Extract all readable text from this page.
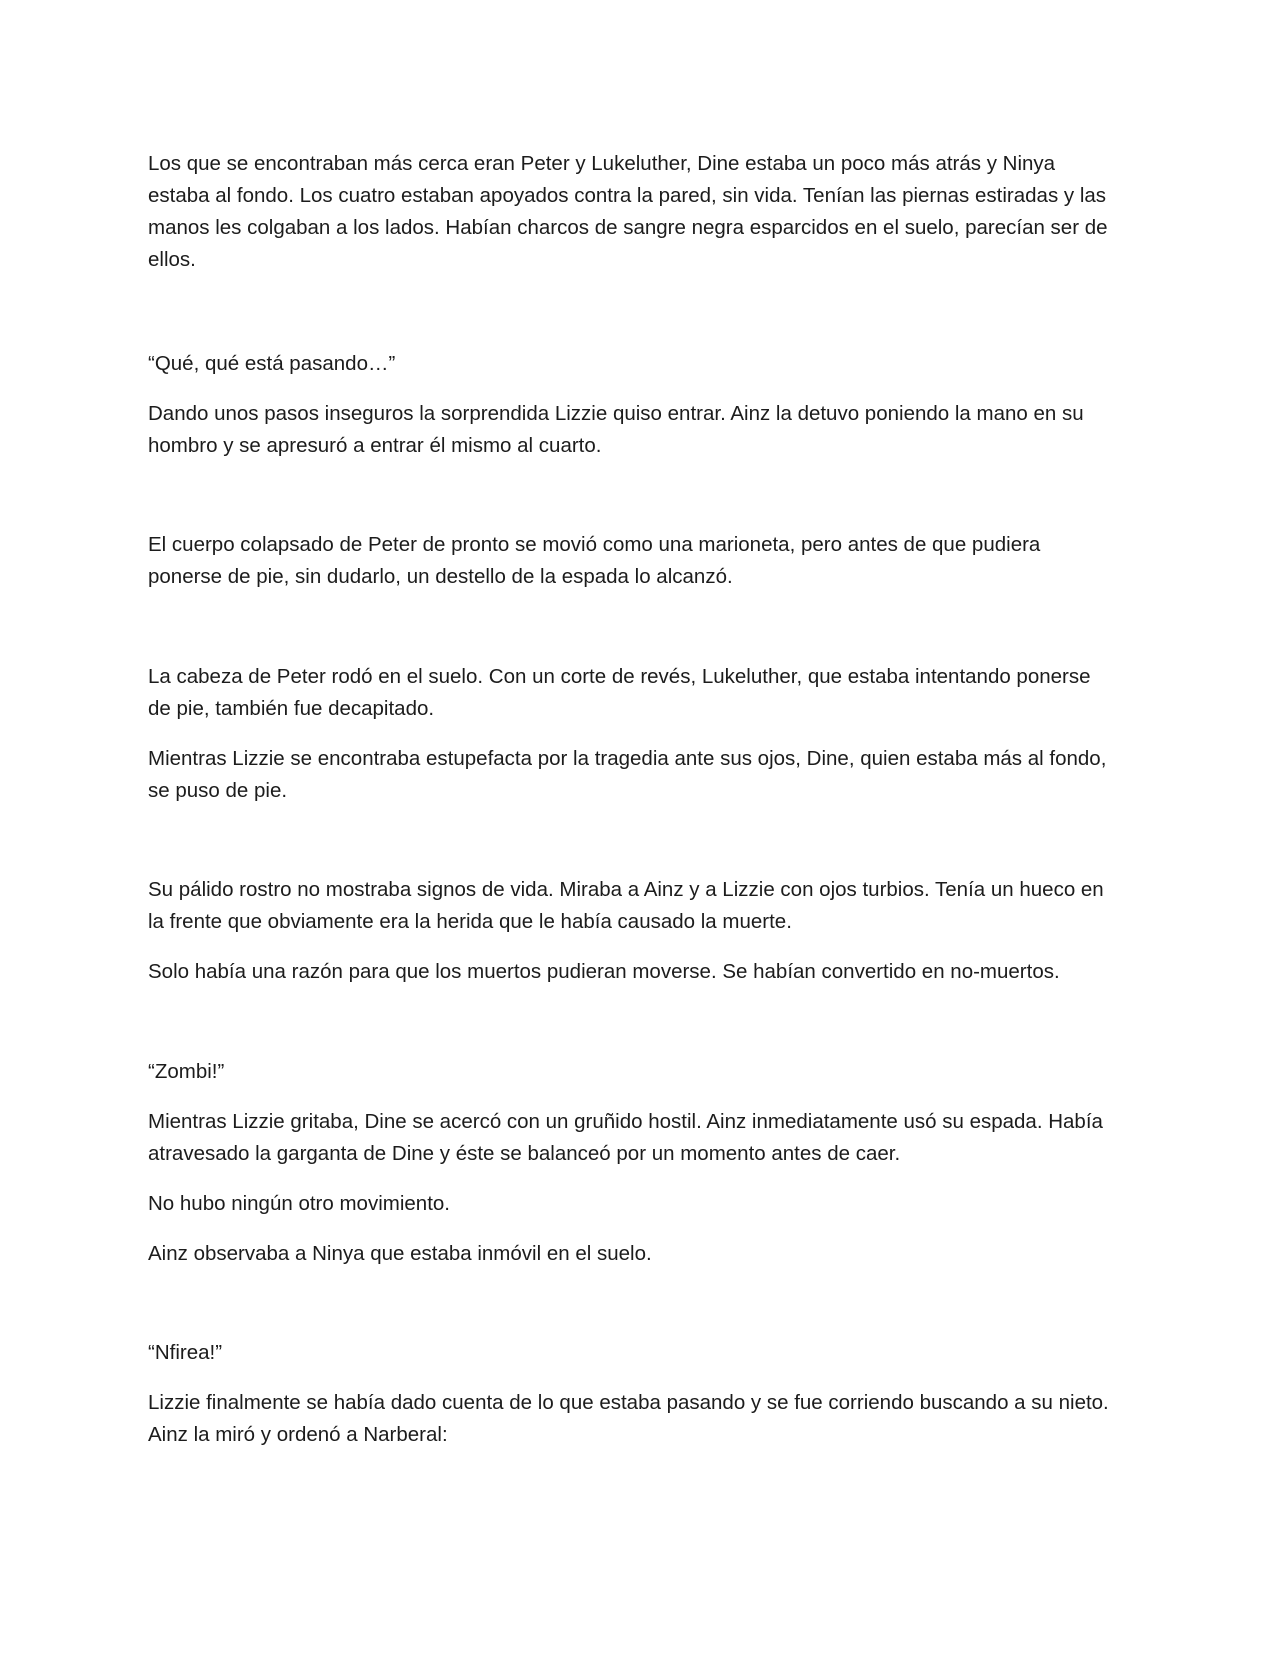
Los que se encontraban más cerca eran Peter y Lukeluther, Dine estaba un poco más atrás y Ninya
estaba al fondo. Los cuatro estaban apoyados contra la pared, sin vida. Tenían las piernas estiradas y las
manos les colgaban a los lados. Habían charcos de sangre negra esparcidos en el suelo, parecían ser de
ellos.

“Qué, qué está pasando…”

Dando unos pasos inseguros la sorprendida Lizzie quiso entrar. Ainz la detuvo poniendo la mano en su
hombro y se apresuró a entrar él mismo al cuarto.

El cuerpo colapsado de Peter de pronto se movió como una marioneta, pero antes de que pudiera
ponerse de pie, sin dudarlo, un destello de la espada lo alcanzó.

La cabeza de Peter rodó en el suelo. Con un corte de revés, Lukeluther, que estaba intentando ponerse
de pie, también fue decapitado.

Mientras Lizzie se encontraba estupefacta por la tragedia ante sus ojos, Dine, quien estaba más al fondo,
se puso de pie.

Su pálido rostro no mostraba signos de vida. Miraba a Ainz y a Lizzie con ojos turbios. Tenía un hueco en
la frente que obviamente era la herida que le había causado la muerte.

Solo había una razón para que los muertos pudieran moverse. Se habían convertido en no-muertos.

“Zombi!”

Mientras Lizzie gritaba, Dine se acercó con un gruñido hostil. Ainz inmediatamente usó su espada. Había
atravesado la garganta de Dine y éste se balanceó por un momento antes de caer.

No hubo ningún otro movimiento.

Ainz observaba a Ninya que estaba inmóvil en el suelo.

“Nfirea!”

Lizzie finalmente se había dado cuenta de lo que estaba pasando y se fue corriendo buscando a su nieto.
Ainz la miró y ordenó a Narberal:
